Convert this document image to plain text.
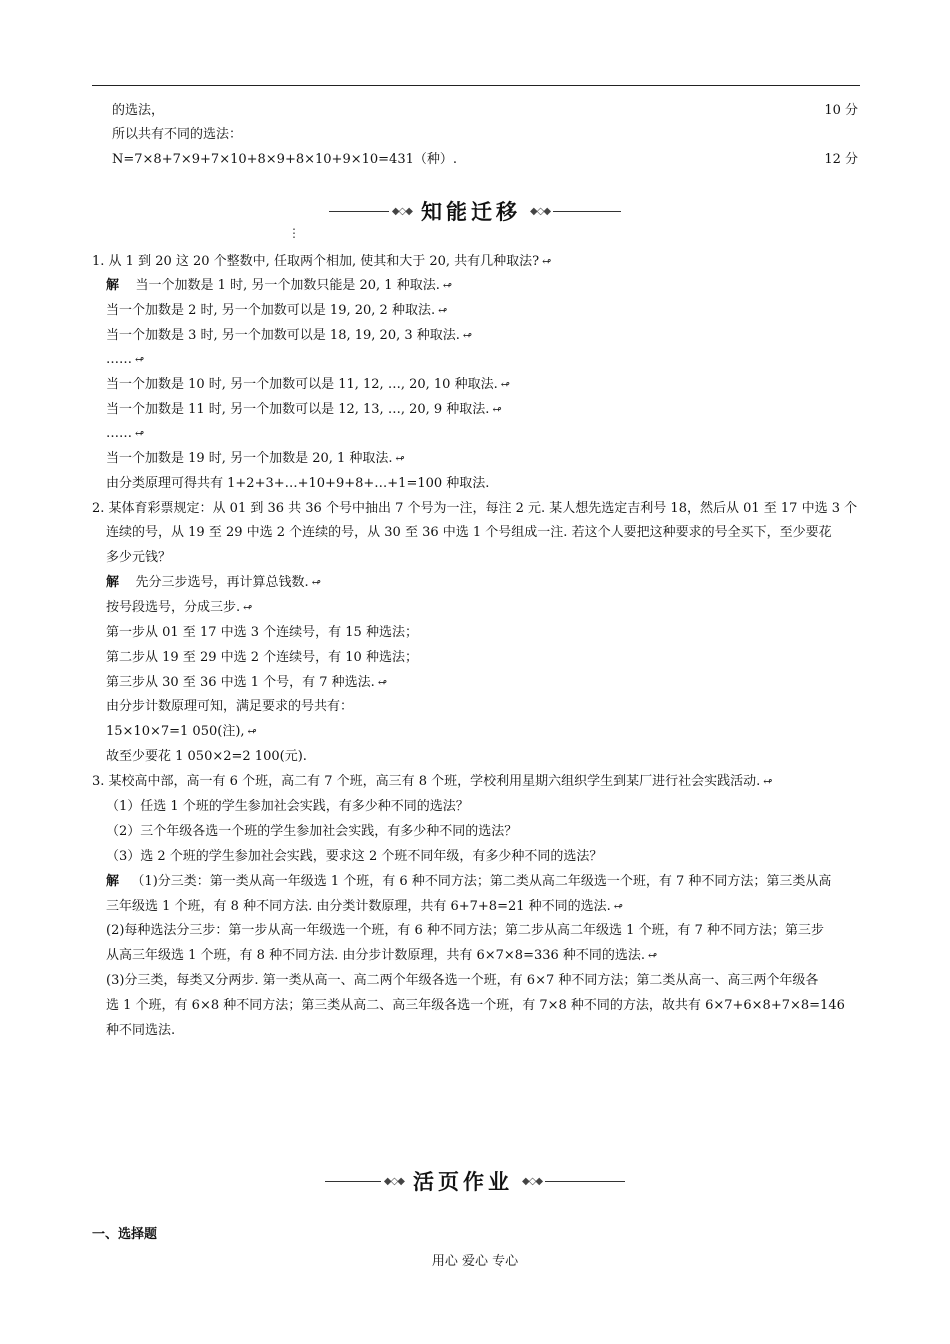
的选法，	10 分
所以共有不同的选法：
N=7×8+7×9+7×10+8×9+8×10+9×10=431（种）.	12 分
◆◇◆ 知能迁移 ◆◇◆
⋮
1. 从 1 到 20 这 20 个整数中, 任取两个相加, 使其和大于 20, 共有几种取法? ↫
解 当一个加数是 1 时, 另一个加数只能是 20, 1 种取法. ↫
当一个加数是 2 时, 另一个加数可以是 19, 20, 2 种取法. ↫
当一个加数是 3 时, 另一个加数可以是 18, 19, 20, 3 种取法. ↫
…… ↫
当一个加数是 10 时, 另一个加数可以是 11, 12, …, 20, 10 种取法. ↫
当一个加数是 11 时, 另一个加数可以是 12, 13, …, 20, 9 种取法. ↫
…… ↫
当一个加数是 19 时, 另一个加数是 20, 1 种取法. ↫
由分类原理可得共有 1+2+3+…+10+9+8+…+1=100 种取法.
2. 某体育彩票规定：从 01 到 36 共 36 个号中抽出 7 个号为一注，每注 2 元. 某人想先选定吉利号 18，然后从 01 至 17 中选 3 个
连续的号，从 19 至 29 中选 2 个连续的号，从 30 至 36 中选 1 个号组成一注. 若这个人要把这种要求的号全买下，至少要花
多少元钱？
解 先分三步选号，再计算总钱数. ↫
按号段选号，分成三步. ↫
第一步从 01 至 17 中选 3 个连续号，有 15 种选法；
第二步从 19 至 29 中选 2 个连续号，有 10 种选法；
第三步从 30 至 36 中选 1 个号，有 7 种选法. ↫
由分步计数原理可知，满足要求的号共有：
15×10×7=1 050(注), ↫
故至少要花 1 050×2=2 100(元).
3. 某校高中部，高一有 6 个班，高二有 7 个班，高三有 8 个班，学校利用星期六组织学生到某厂进行社会实践活动. ↫
（1）任选 1 个班的学生参加社会实践，有多少种不同的选法？
（2）三个年级各选一个班的学生参加社会实践，有多少种不同的选法？
（3）选 2 个班的学生参加社会实践，要求这 2 个班不同年级，有多少种不同的选法？
解 （1)分三类：第一类从高一年级选 1 个班，有 6 种不同方法；第二类从高二年级选一个班，有 7 种不同方法；第三类从高
三年级选 1 个班，有 8 种不同方法. 由分类计数原理，共有 6+7+8=21 种不同的选法. ↫
(2)每种选法分三步：第一步从高一年级选一个班，有 6 种不同方法；第二步从高二年级选 1 个班，有 7 种不同方法；第三步
从高三年级选 1 个班，有 8 种不同方法. 由分步计数原理，共有 6×7×8=336 种不同的选法. ↫
(3)分三类，每类又分两步. 第一类从高一、高二两个年级各选一个班，有 6×7 种不同方法；第二类从高一、高三两个年级各
选 1 个班，有 6×8 种不同方法；第三类从高二、高三年级各选一个班，有 7×8 种不同的方法，故共有 6×7+6×8+7×8=146
种不同选法.
◆◇◆ 活页作业 ◆◇◆
一、选择题
用心 爱心 专心
